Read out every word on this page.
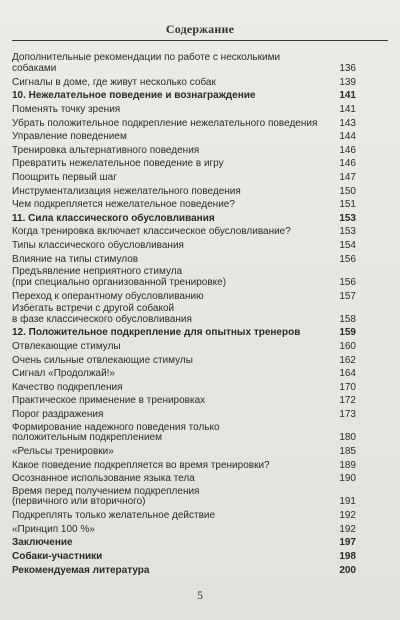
Содержание
Дополнительные рекомендации по работе с несколькими собаками	136
Сигналы в доме, где живут несколько собак	139
10. Нежелательное поведение и вознаграждение	141
Поменять точку зрения	141
Убрать положительное подкрепление нежелательного поведения	143
Управление поведением	144
Тренировка альтернативного поведения	146
Превратить нежелательное поведение в игру	146
Поощрить первый шаг	147
Инструментализация нежелательного поведения	150
Чем подкрепляется нежелательное поведение?	151
11. Сила классического обусловливания	153
Когда тренировка включает классическое обусловливание?	153
Типы классического обусловливания	154
Влияние на типы стимулов	156
Предъявление неприятного стимула
(при специально организованной тренировке)	156
Переход к оперантному обусловливанию	157
Избегать встречи с другой собакой
в фазе классического обусловливания	158
12. Положительное подкрепление для опытных тренеров	159
Отвлекающие стимулы	160
Очень сильные отвлекающие стимулы	162
Сигнал «Продолжай!»	164
Качество подкрепления	170
Практическое применение в тренировках	172
Порог раздражения	173
Формирование надежного поведения только
положительным подкреплением	180
«Рельсы тренировки»	185
Какое поведение подкрепляется во время тренировки?	189
Осознанное использование языка тела	190
Время перед получением подкрепления
(первичного или вторичного)	191
Подкреплять только желательное действие	192
«Принцип 100 %»	192
Заключение	197
Собаки-участники	198
Рекомендуемая литература	200
5
